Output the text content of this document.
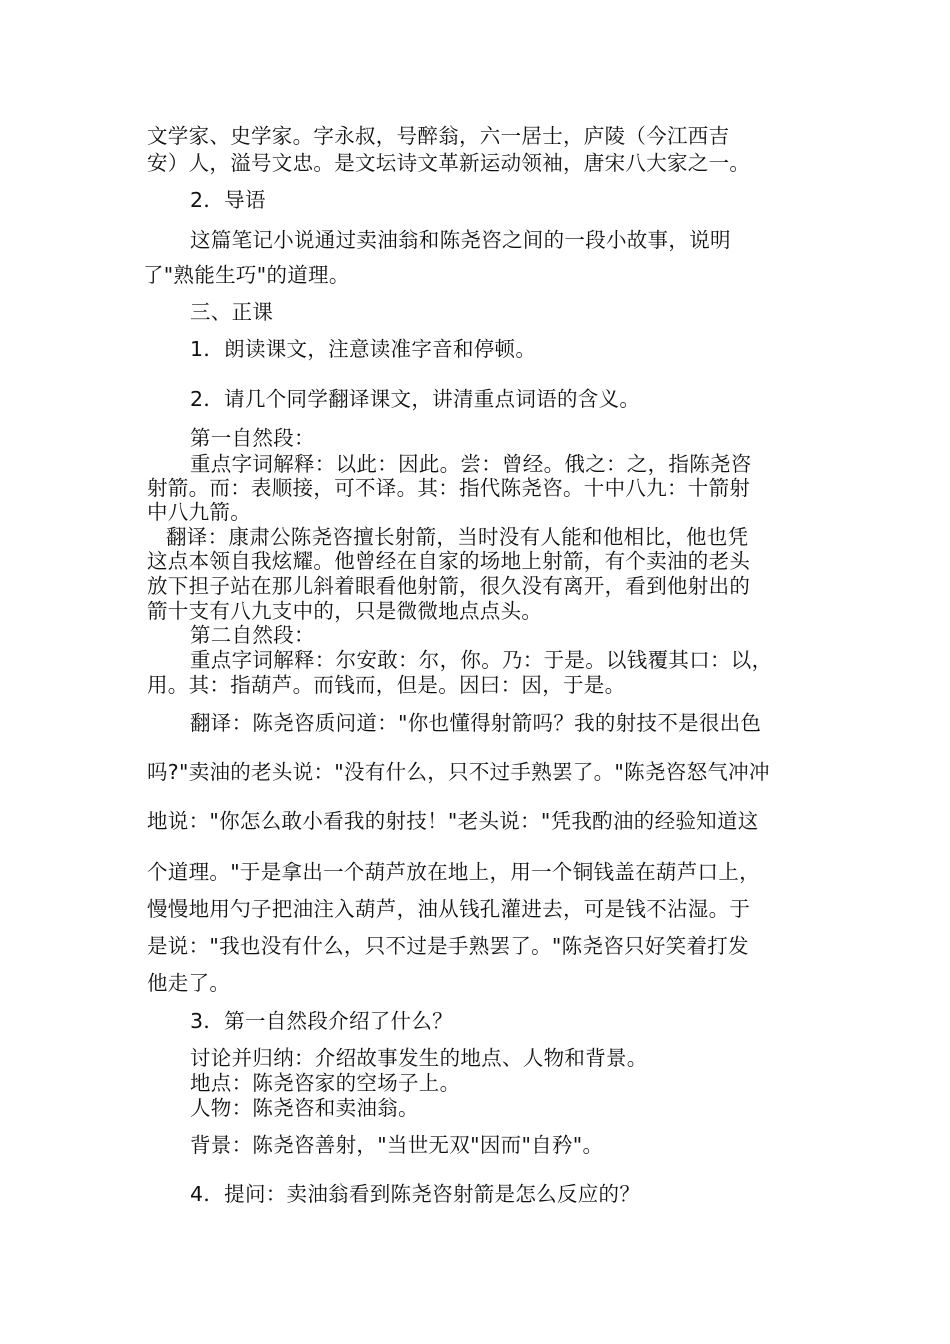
文学家、史学家。字永叔，号醉翁，六一居士，庐陵（今江西吉
安）人，溢号文忠。是文坛诗文革新运动领袖，唐宋八大家之一。
2．导语
这篇笔记小说通过卖油翁和陈尧咨之间的一段小故事，说明
了"熟能生巧"的道理。
三、正课
1．朗读课文，注意读准字音和停顿。
2．请几个同学翻译课文，讲清重点词语的含义。
第一自然段：
重点字词解释：以此：因此。尝：曾经。俄之：之，指陈尧咨
射箭。而：表顺接，可不译。其：指代陈尧咨。十中八九：十箭射
中八九箭。
翻译：康肃公陈尧咨擅长射箭，当时没有人能和他相比，他也凭
这点本领自我炫耀。他曾经在自家的场地上射箭，有个卖油的老头
放下担子站在那儿斜着眼看他射箭，很久没有离开，看到他射出的
箭十支有八九支中的，只是微微地点点头。
第二自然段：
重点字词解释：尔安敢：尔，你。乃：于是。以钱覆其口：以，
用。其：指葫芦。而钱而，但是。因曰：因，于是。
翻译：陈尧咨质问道："你也懂得射箭吗？我的射技不是很出色
吗?"卖油的老头说："没有什么，只不过手熟罢了。"陈尧咨怒气冲冲
地说："你怎么敢小看我的射技！"老头说："凭我酌油的经验知道这
个道理。"于是拿出一个葫芦放在地上，用一个铜钱盖在葫芦口上，
慢慢地用勺子把油注入葫芦，油从钱孔灌进去，可是钱不沾湿。于
是说："我也没有什么，只不过是手熟罢了。"陈尧咨只好笑着打发
他走了。
3．第一自然段介绍了什么？
讨论并归纳：介绍故事发生的地点、人物和背景。
地点：陈尧咨家的空场子上。
人物：陈尧咨和卖油翁。
背景：陈尧咨善射，"当世无双"因而"自矜"。
4．提问：卖油翁看到陈尧咨射箭是怎么反应的？
